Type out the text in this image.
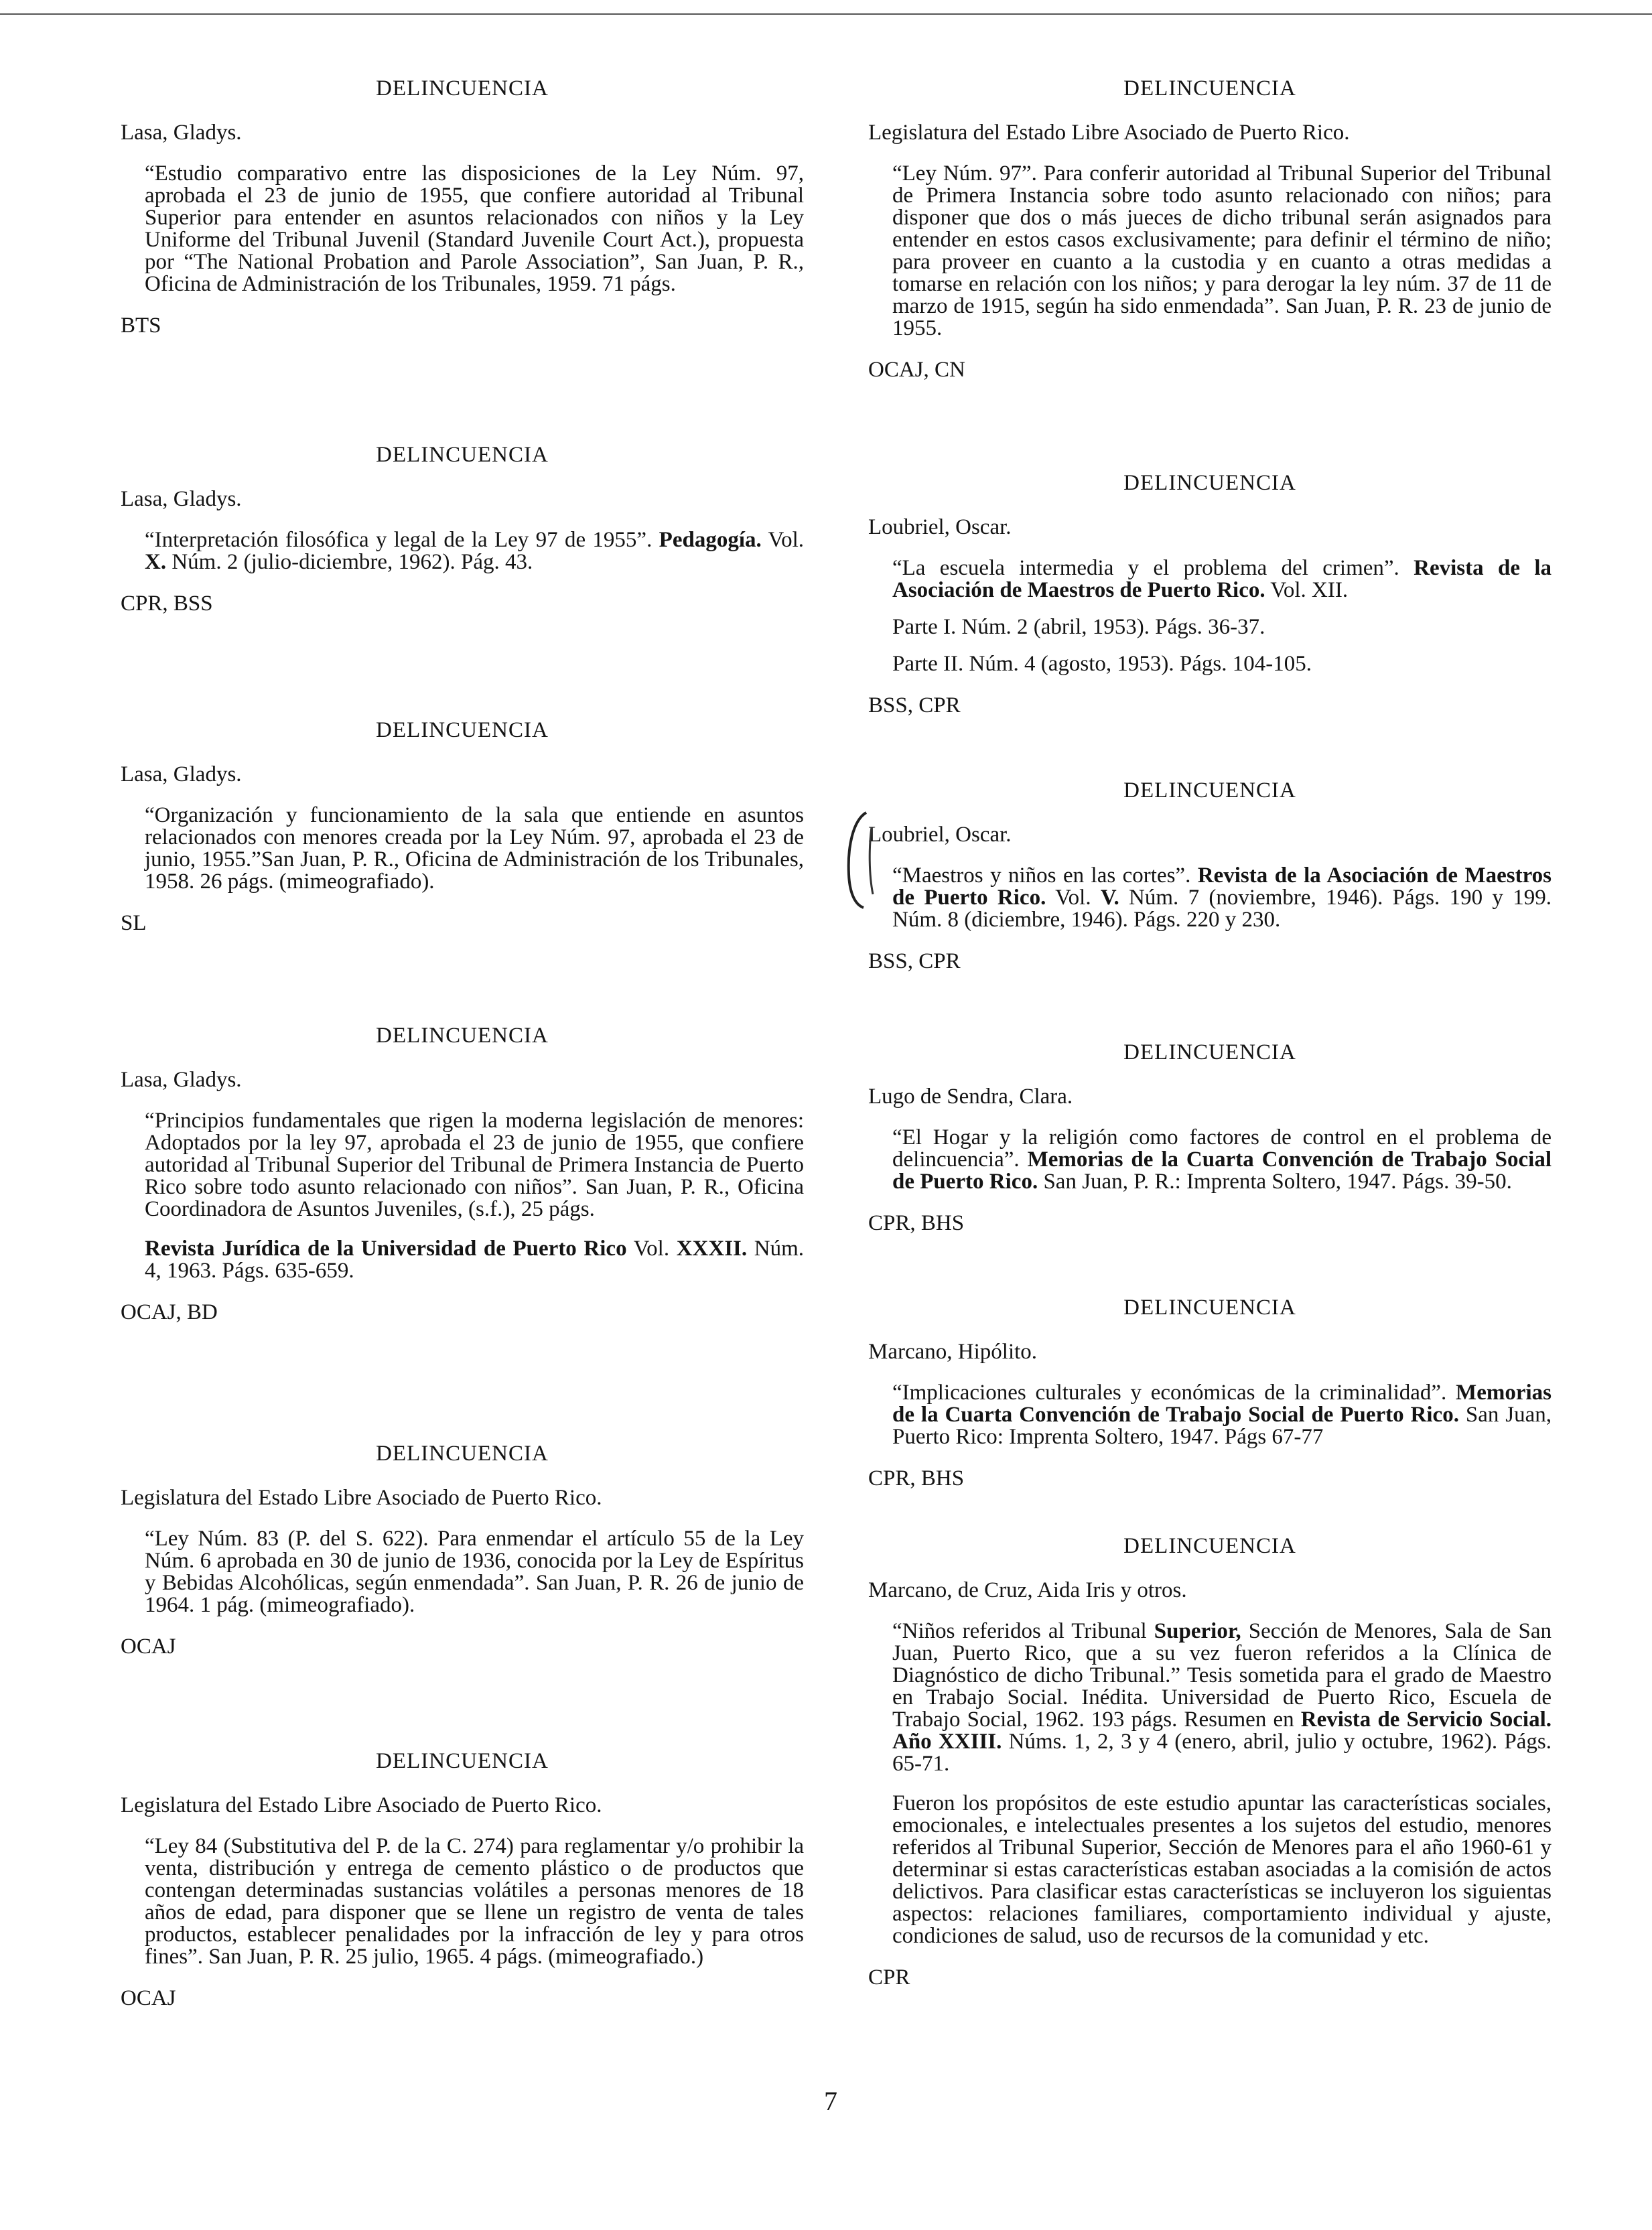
DELINCUENCIA
Lasa, Gladys.
“Estudio comparativo entre las disposiciones de la Ley Núm. 97, aprobada el 23 de junio de 1955, que confiere autoridad al Tribunal Superior para entender en asuntos relacionados con niños y la Ley Uniforme del Tribunal Juvenil (Standard Juvenile Court Act.), propuesta por “The National Probation and Parole Association”, San Juan, P. R., Oficina de Administración de los Tribunales, 1959. 71 págs.
BTS
DELINCUENCIA
Lasa, Gladys.
“Interpretación filosófica y legal de la Ley 97 de 1955”. Pedagogía. Vol. X. Núm. 2 (julio-diciembre, 1962). Pág. 43.
CPR, BSS
DELINCUENCIA
Lasa, Gladys.
“Organización y funcionamiento de la sala que entiende en asuntos relacionados con menores creada por la Ley Núm. 97, aprobada el 23 de junio, 1955.”San Juan, P. R., Oficina de Administración de los Tribunales, 1958. 26 págs. (mimeografiado).
SL
DELINCUENCIA
Lasa, Gladys.
“Principios fundamentales que rigen la moderna legislación de menores: Adoptados por la ley 97, aprobada el 23 de junio de 1955, que confiere autoridad al Tribunal Superior del Tribunal de Primera Instancia de Puerto Rico sobre todo asunto relacionado con niños”. San Juan, P. R., Oficina Coordinadora de Asuntos Juveniles, (s.f.), 25 págs.
Revista Jurídica de la Universidad de Puerto Rico Vol. XXXII. Núm. 4, 1963. Págs. 635-659.
OCAJ, BD
DELINCUENCIA
Legislatura del Estado Libre Asociado de Puerto Rico.
“Ley Núm. 83 (P. del S. 622). Para enmendar el artículo 55 de la Ley Núm. 6 aprobada en 30 de junio de 1936, conocida por la Ley de Espíritus y Bebidas Alcohólicas, según enmendada”. San Juan, P. R. 26 de junio de 1964. 1 pág. (mimeografiado).
OCAJ
DELINCUENCIA
Legislatura del Estado Libre Asociado de Puerto Rico.
“Ley 84 (Substitutiva del P. de la C. 274) para reglamentar y/o prohibir la venta, distribución y entrega de cemento plástico o de productos que contengan determinadas sustancias volátiles a personas menores de 18 años de edad, para disponer que se llene un registro de venta de tales productos, establecer penalidades por la infracción de ley y para otros fines”. San Juan, P. R. 25 julio, 1965. 4 págs. (mimeografiado.)
OCAJ
DELINCUENCIA
Legislatura del Estado Libre Asociado de Puerto Rico.
“Ley Núm. 97”. Para conferir autoridad al Tribunal Superior del Tribunal de Primera Instancia sobre todo asunto relacionado con niños; para disponer que dos o más jueces de dicho tribunal serán asignados para entender en estos casos exclusivamente; para definir el término de niño; para proveer en cuanto a la custodia y en cuanto a otras medidas a tomarse en relación con los niños; y para derogar la ley núm. 37 de 11 de marzo de 1915, según ha sido enmendada”. San Juan, P. R. 23 de junio de 1955.
OCAJ, CN
DELINCUENCIA
Loubriel, Oscar.
“La escuela intermedia y el problema del crimen”. Revista de la Asociación de Maestros de Puerto Rico. Vol. XII.
Parte I. Núm. 2 (abril, 1953). Págs. 36-37.
Parte II. Núm. 4 (agosto, 1953). Págs. 104-105.
BSS, CPR
DELINCUENCIA
Loubriel, Oscar.
“Maestros y niños en las cortes”. Revista de la Asociación de Maestros de Puerto Rico. Vol. V. Núm. 7 (noviembre, 1946). Págs. 190 y 199. Núm. 8 (diciembre, 1946). Págs. 220 y 230.
BSS, CPR
DELINCUENCIA
Lugo de Sendra, Clara.
“El Hogar y la religión como factores de control en el problema de delincuencia”. Memorias de la Cuarta Convención de Trabajo Social de Puerto Rico. San Juan, P. R.: Imprenta Soltero, 1947. Págs. 39-50.
CPR, BHS
DELINCUENCIA
Marcano, Hipólito.
“Implicaciones culturales y económicas de la criminalidad”. Memorias de la Cuarta Convención de Trabajo Social de Puerto Rico. San Juan, Puerto Rico: Imprenta Soltero, 1947. Págs 67-77
CPR, BHS
DELINCUENCIA
Marcano, de Cruz, Aida Iris y otros.
“Niños referidos al Tribunal Superior, Sección de Menores, Sala de San Juan, Puerto Rico, que a su vez fueron referidos a la Clínica de Diagnóstico de dicho Tribunal.” Tesis sometida para el grado de Maestro en Trabajo Social. Inédita. Universidad de Puerto Rico, Escuela de Trabajo Social, 1962. 193 págs. Resumen en Revista de Servicio Social. Año XXIII. Núms. 1, 2, 3 y 4 (enero, abril, julio y octubre, 1962). Págs. 65-71.
Fueron los propósitos de este estudio apuntar las características sociales, emocionales, e intelectuales presentes a los sujetos del estudio, menores referidos al Tribunal Superior, Sección de Menores para el año 1960-61 y determinar si estas características estaban asociadas a la comisión de actos delictivos. Para clasificar estas características se incluyeron los siguientas aspectos: relaciones familiares, comportamiento individual y ajuste, condiciones de salud, uso de recursos de la comunidad y etc.
CPR
7
